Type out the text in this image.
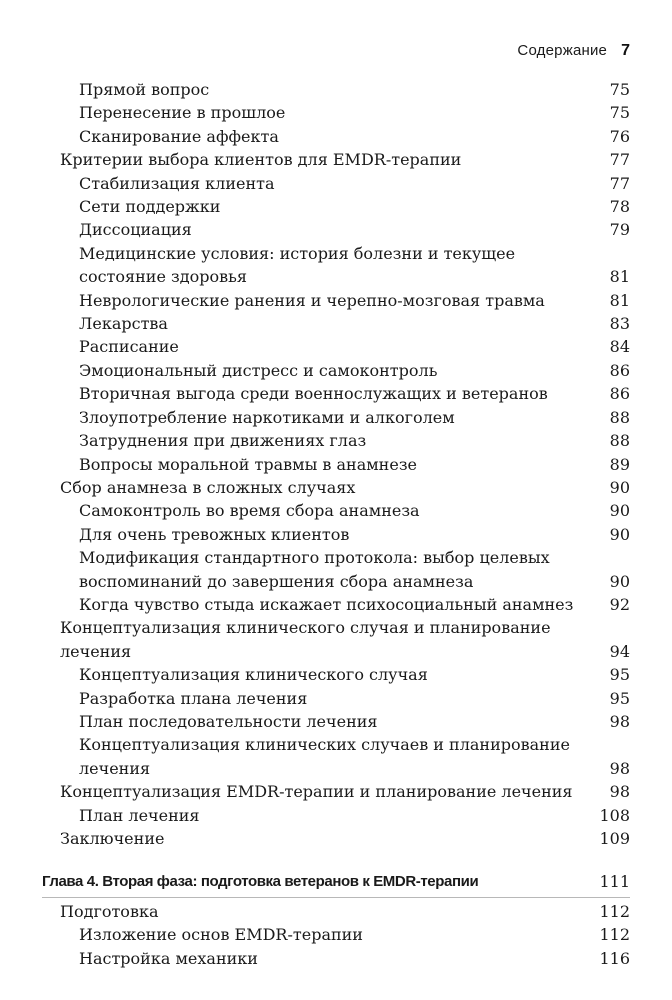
Содержание 7
Прямой вопрос	75
Перенесение в прошлое	75
Сканирование аффекта	76
Критерии выбора клиентов для EMDR-терапии	77
Стабилизация клиента	77
Сети поддержки	78
Диссоциация	79
Медицинские условия: история болезни и текущее состояние здоровья	81
Неврологические ранения и черепно-мозговая травма	81
Лекарства	83
Расписание	84
Эмоциональный дистресс и самоконтроль	86
Вторичная выгода среди военнослужащих и ветеранов	86
Злоупотребление наркотиками и алкоголем	88
Затруднения при движениях глаз	88
Вопросы моральной травмы в анамнезе	89
Сбор анамнеза в сложных случаях	90
Самоконтроль во время сбора анамнеза	90
Для очень тревожных клиентов	90
Модификация стандартного протокола: выбор целевых воспоминаний до завершения сбора анамнеза	90
Когда чувство стыда искажает психосоциальный анамнез	92
Концептуализация клинического случая и планирование лечения	94
Концептуализация клинического случая	95
Разработка плана лечения	95
План последовательности лечения	98
Концептуализация клинических случаев и планирование лечения	98
Концептуализация EMDR-терапии и планирование лечения	98
План лечения	108
Заключение	109
Глава 4. Вторая фаза: подготовка ветеранов к EMDR-терапии	111
Подготовка	112
Изложение основ EMDR-терапии	112
Настройка механики	116
